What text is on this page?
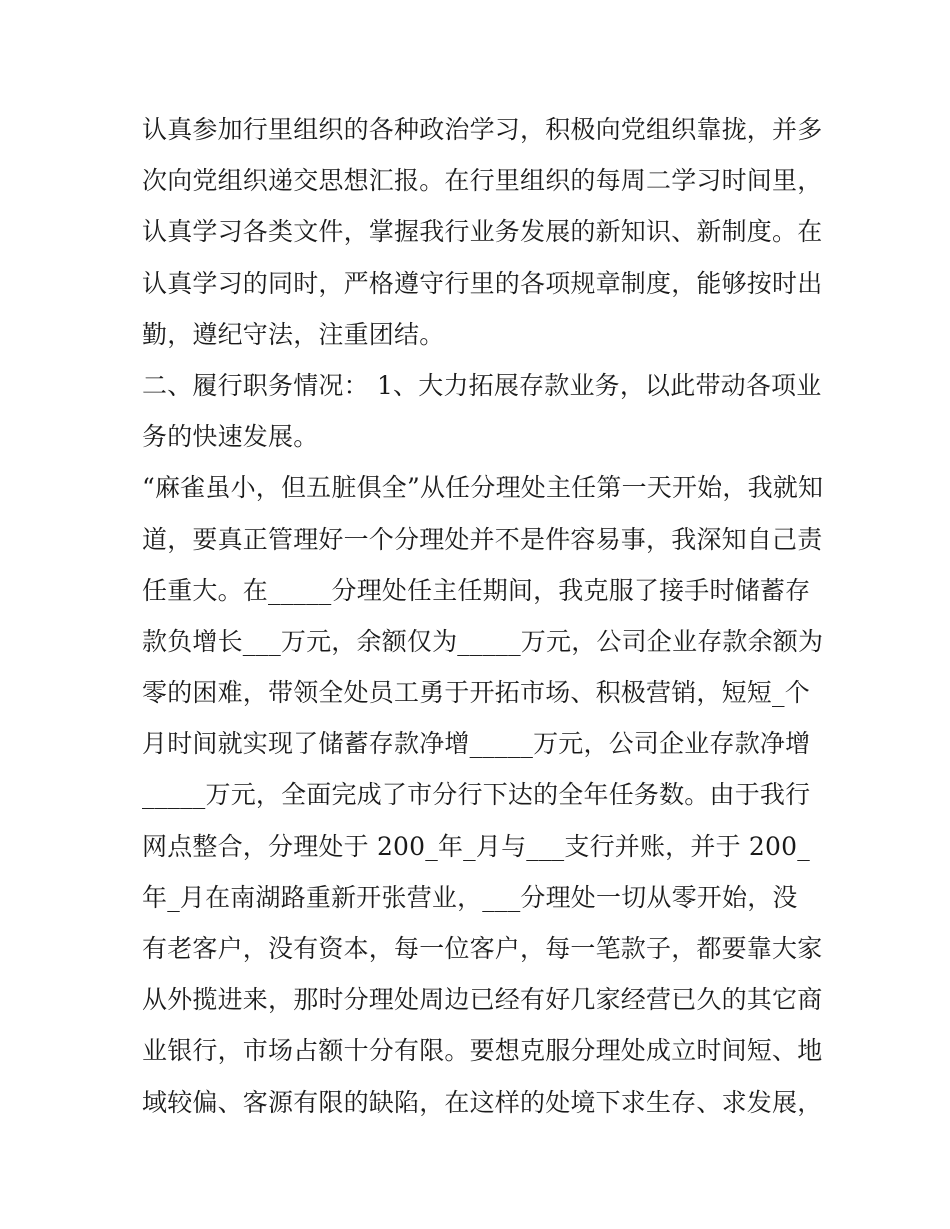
认真参加行里组织的各种政治学习，积极向党组织靠拢，并多
次向党组织递交思想汇报。在行里组织的每周二学习时间里，
认真学习各类文件，掌握我行业务发展的新知识、新制度。在
认真学习的同时，严格遵守行里的各项规章制度，能够按时出
勤，遵纪守法，注重团结。
二、履行职务情况： 1、大力拓展存款业务，以此带动各项业
务的快速发展。
“麻雀虽小，但五脏俱全”从任分理处主任第一天开始，我就知
道，要真正管理好一个分理处并不是件容易事，我深知自己责
任重大。在_____分理处任主任期间，我克服了接手时储蓄存
款负增长___万元，余额仅为_____万元，公司企业存款余额为
零的困难，带领全处员工勇于开拓市场、积极营销，短短_个
月时间就实现了储蓄存款净增_____万元，公司企业存款净增
_____万元，全面完成了市分行下达的全年任务数。由于我行
网点整合，分理处于 200_年_月与___支行并账，并于 200_
年_月在南湖路重新开张营业，___分理处一切从零开始，没
有老客户，没有资本，每一位客户，每一笔款子，都要靠大家
从外揽进来，那时分理处周边已经有好几家经营已久的其它商
业银行，市场占额十分有限。要想克服分理处成立时间短、地
域较偏、客源有限的缺陷，在这样的处境下求生存、求发展，
